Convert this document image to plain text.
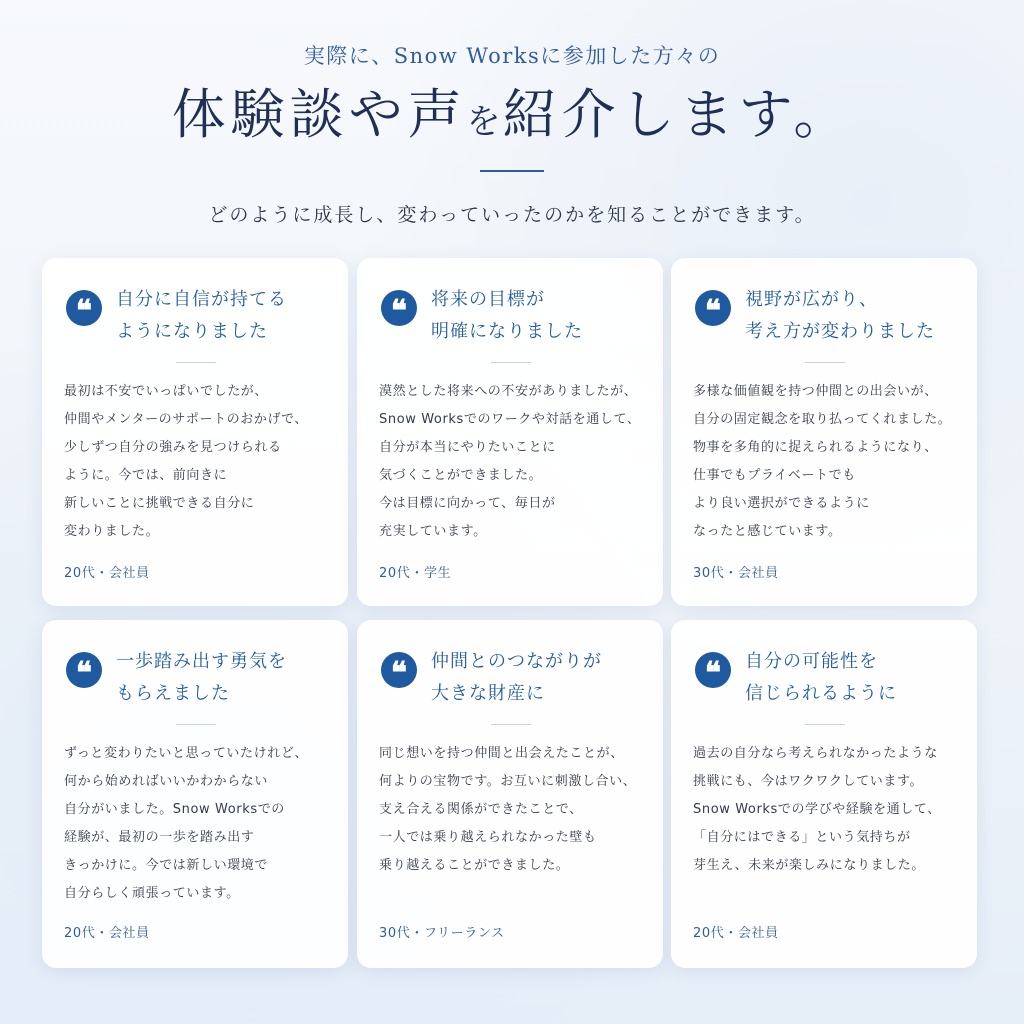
実際に、Snow Worksに参加した方々の
体験談や声を紹介します。
どのように成長し、変わっていったのかを知ることができます。
❝	自分に自信が持てる
ようになりました
最初は不安でいっぱいでしたが、
仲間やメンターのサポートのおかげで、
少しずつ自分の強みを見つけられる
ように。今では、前向きに
新しいことに挑戦できる自分に
変わりました。
20代・会社員
❝	将来の目標が
明確になりました
漠然とした将来への不安がありましたが、
Snow Worksでのワークや対話を通して、
自分が本当にやりたいことに
気づくことができました。
今は目標に向かって、毎日が
充実しています。
20代・学生
❝	視野が広がり、
考え方が変わりました
多様な価値観を持つ仲間との出会いが、
自分の固定観念を取り払ってくれました。
物事を多角的に捉えられるようになり、
仕事でもプライベートでも
より良い選択ができるように
なったと感じています。
30代・会社員
❝	一歩踏み出す勇気を
もらえました
ずっと変わりたいと思っていたけれど、
何から始めればいいかわからない
自分がいました。Snow Worksでの
経験が、最初の一歩を踏み出す
きっかけに。今では新しい環境で
自分らしく頑張っています。
20代・会社員
❝	仲間とのつながりが
大きな財産に
同じ想いを持つ仲間と出会えたことが、
何よりの宝物です。お互いに刺激し合い、
支え合える関係ができたことで、
一人では乗り越えられなかった壁も
乗り越えることができました。
30代・フリーランス
❝	自分の可能性を
信じられるように
過去の自分なら考えられなかったような
挑戦にも、今はワクワクしています。
Snow Worksでの学びや経験を通して、
「自分にはできる」という気持ちが
芽生え、未来が楽しみになりました。
20代・会社員
